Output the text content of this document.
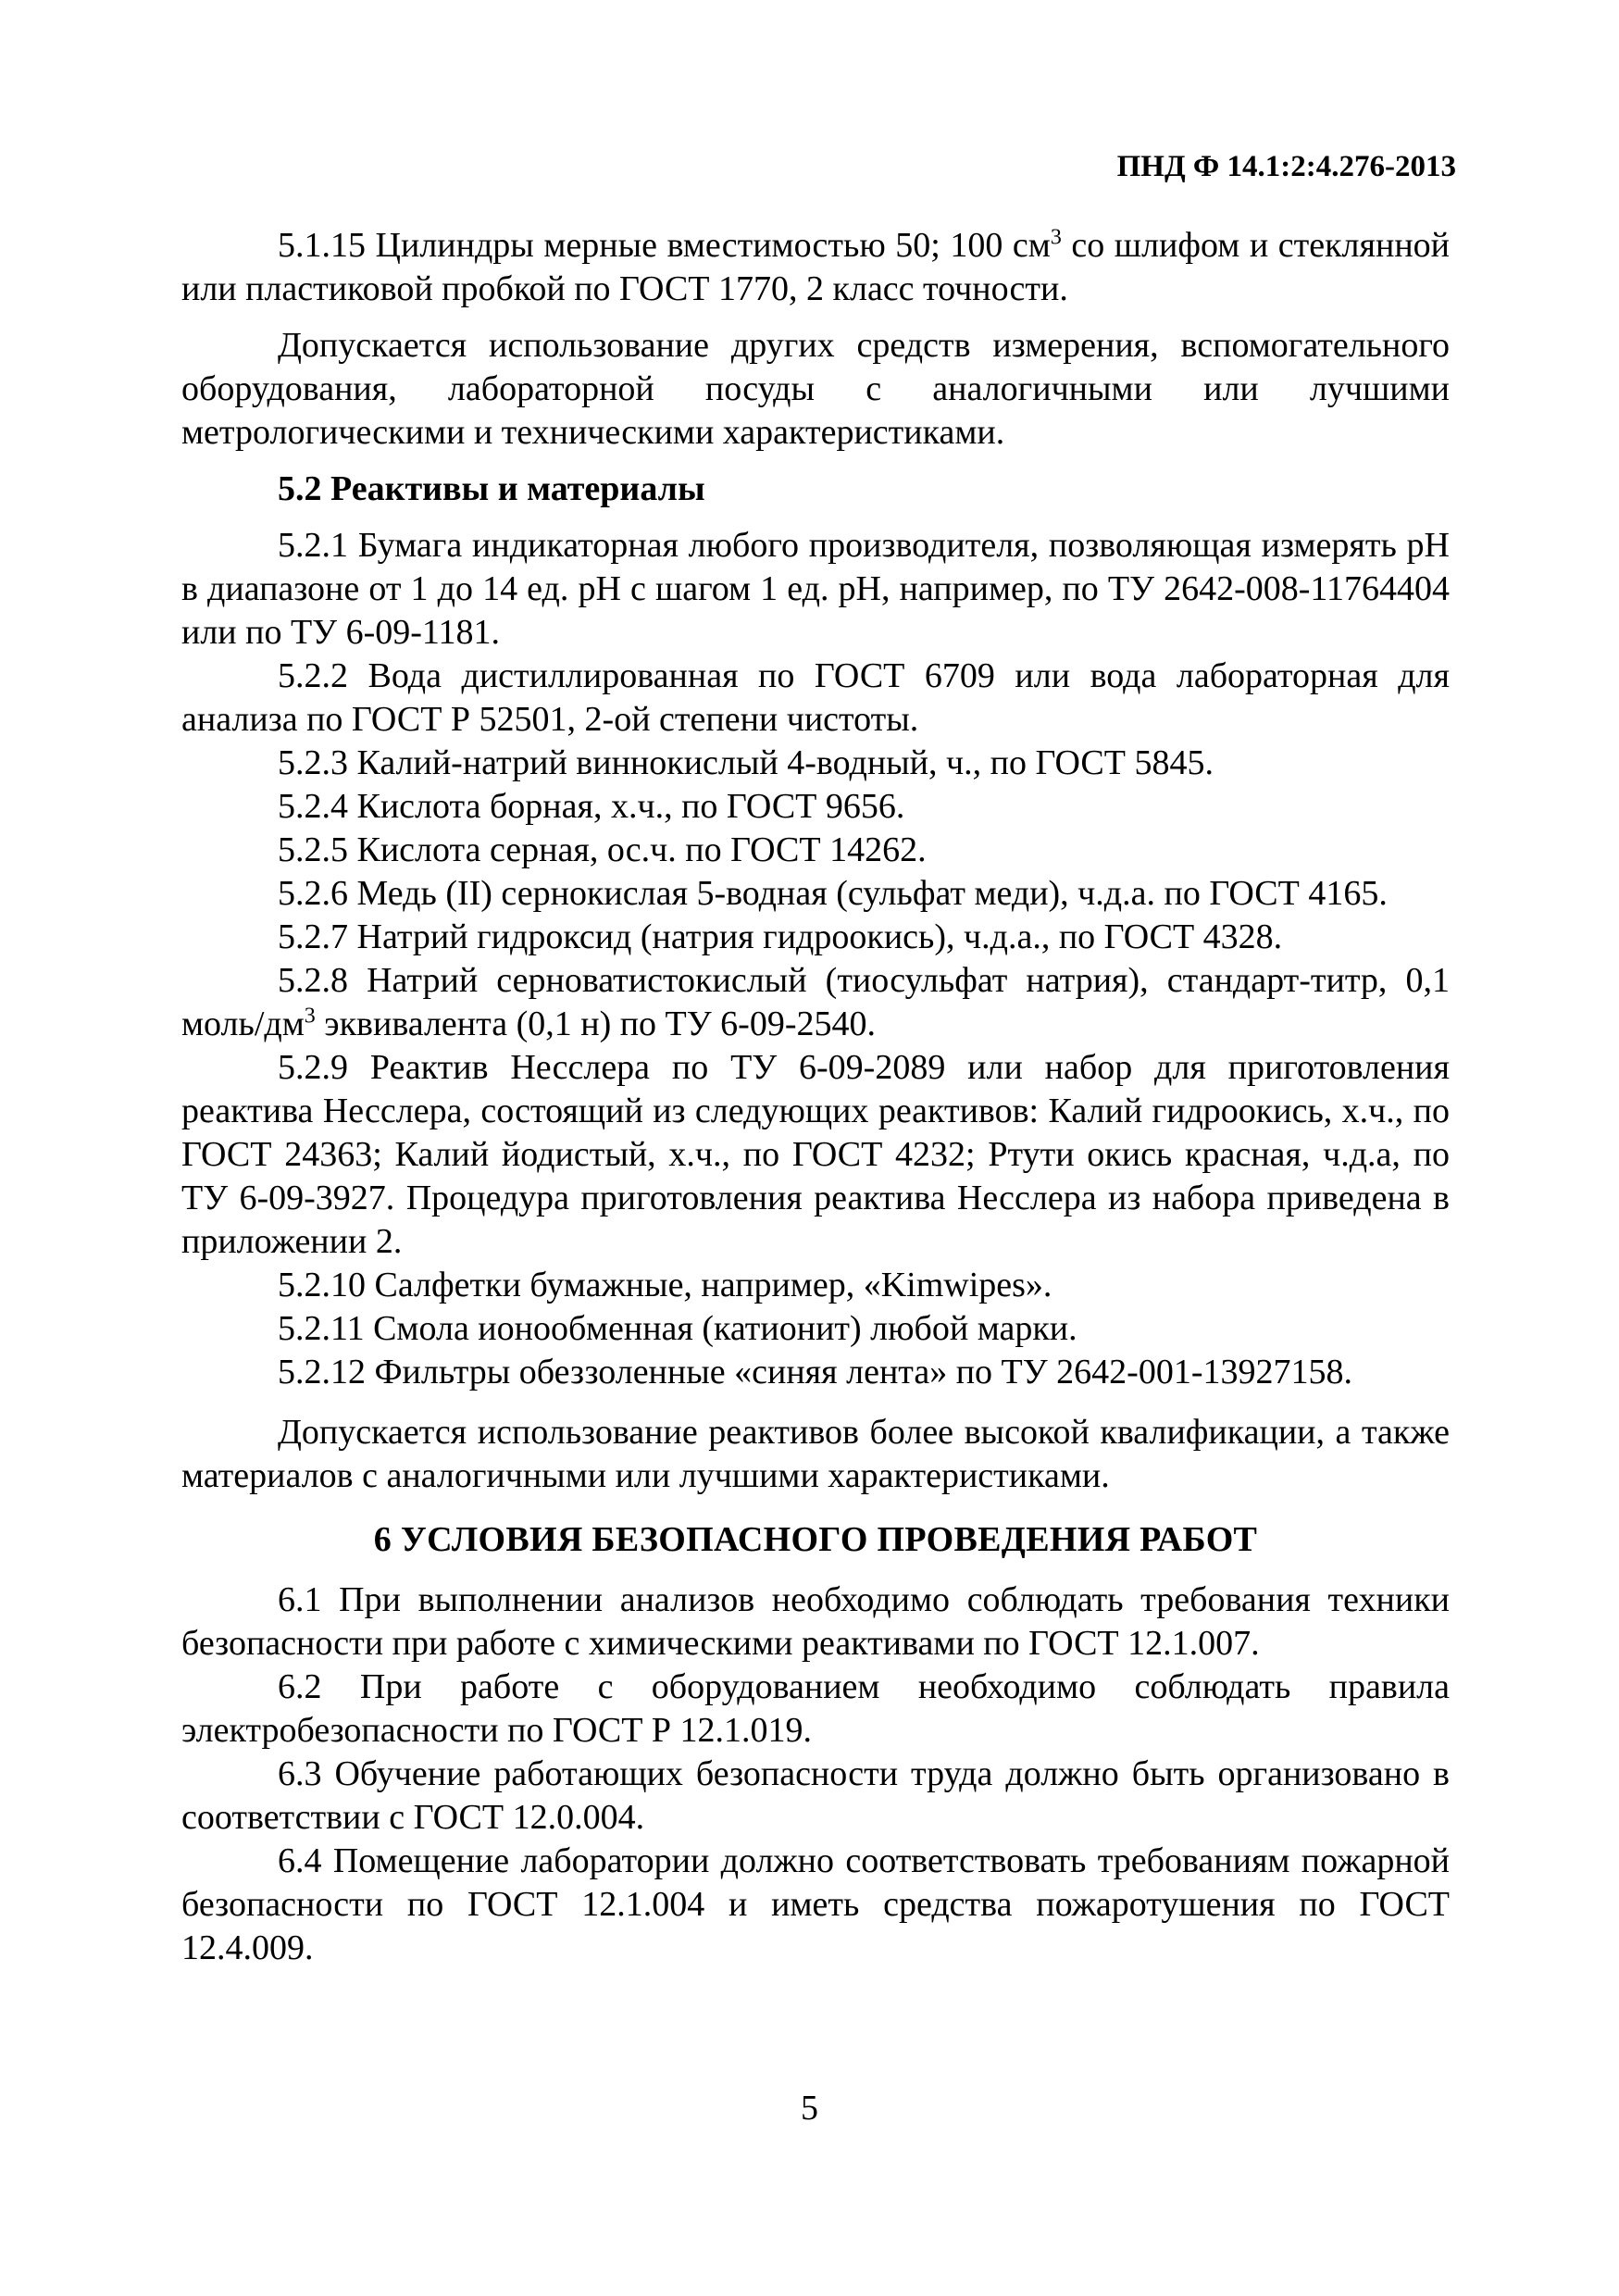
ПНД Ф 14.1:2:4.276-2013

5.1.15 Цилиндры мерные вместимостью 50; 100 $см^3$ со шлифом и стеклянной или пластиковой пробкой по ГОСТ 1770, 2 класс точности.

Допускается использование других средств измерения, вспомогательного оборудования, лабораторной посуды с аналогичными или лучшими метрологическими и техническими характеристиками.

5.2 Реактивы и материалы

5.2.1 Бумага индикаторная любого производителя, позволяющая измерять pH в диапазоне от 1 до 14 ед. pH с шагом 1 ед. pH, например, по ТУ 2642-008-11764404 или по ТУ 6-09-1181.

5.2.2 Вода дистиллированная по ГОСТ 6709 или вода лабораторная для анализа по ГОСТ Р 52501, 2-ой степени чистоты.

5.2.3 Калий-натрий виннокислый 4-водный, ч., по ГОСТ 5845.

5.2.4 Кислота борная, х.ч., по ГОСТ 9656.

5.2.5 Кислота серная, ос.ч. по ГОСТ 14262.

5.2.6 Медь (II) сернокислая 5-водная (сульфат меди), ч.д.а. по ГОСТ 4165.

5.2.7 Натрий гидроксид (натрия гидроокись), ч.д.а., по ГОСТ 4328.

5.2.8 Натрий серноватистокислый (тиосульфат натрия), стандарт-титр, 0,1 моль/$дм^3$ эквивалента (0,1 н) по ТУ 6-09-2540.

5.2.9 Реактив Несслера по ТУ 6-09-2089 или набор для приготовления реактива Несслера, состоящий из следующих реактивов: Калий гидроокись, х.ч., по ГОСТ 24363; Калий йодистый, х.ч., по ГОСТ 4232; Ртути окись красная, ч.д.а, по ТУ 6-09-3927. Процедура приготовления реактива Несслера из набора приведена в приложении 2.

5.2.10 Салфетки бумажные, например, «Kimwipes».

5.2.11 Смола ионообменная (катионит) любой марки.

5.2.12 Фильтры обеззоленные «синяя лента» по ТУ 2642-001-13927158.

Допускается использование реактивов более высокой квалификации, а также материалов с аналогичными или лучшими характеристиками.

6 УСЛОВИЯ БЕЗОПАСНОГО ПРОВЕДЕНИЯ РАБОТ

6.1 При выполнении анализов необходимо соблюдать требования техники безопасности при работе с химическими реактивами по ГОСТ 12.1.007.

6.2 При работе с оборудованием необходимо соблюдать правила электробезопасности по ГОСТ Р 12.1.019.

6.3 Обучение работающих безопасности труда должно быть организовано в соответствии с ГОСТ 12.0.004.

6.4 Помещение лаборатории должно соответствовать требованиям пожарной безопасности по ГОСТ 12.1.004 и иметь средства пожаротушения по ГОСТ 12.4.009.

5
